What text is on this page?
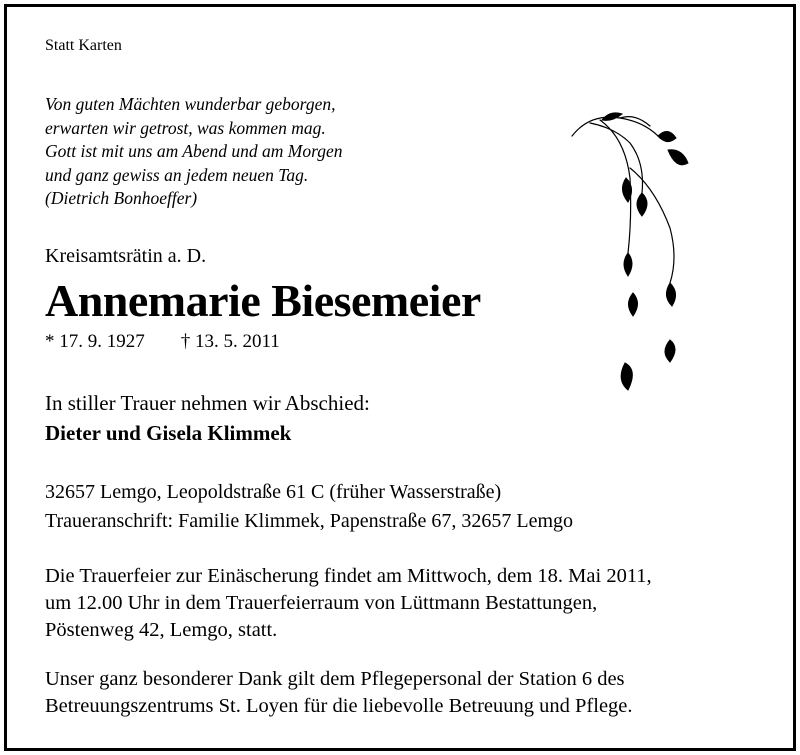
Statt Karten
Von guten Mächten wunderbar geborgen,
erwarten wir getrost, was kommen mag.
Gott ist mit uns am Abend und am Morgen
und ganz gewiss an jedem neuen Tag.
(Dietrich Bonhoeffer)
Kreisamtsrätin a. D.
Annemarie Biesemeier
* 17. 9. 1927 † 13. 5. 2011
In stiller Trauer nehmen wir Abschied:
Dieter und Gisela Klimmek
32657 Lemgo, Leopoldstraße 61 C (früher Wasserstraße)
Traueranschrift: Familie Klimmek, Papenstraße 67, 32657 Lemgo
Die Trauerfeier zur Einäscherung findet am Mittwoch, dem 18. Mai 2011,
um 12.00 Uhr in dem Trauerfeierraum von Lüttmann Bestattungen,
Pöstenweg 42, Lemgo, statt.
Unser ganz besonderer Dank gilt dem Pflegepersonal der Station 6 des
Betreuungszentrums St. Loyen für die liebevolle Betreuung und Pflege.
